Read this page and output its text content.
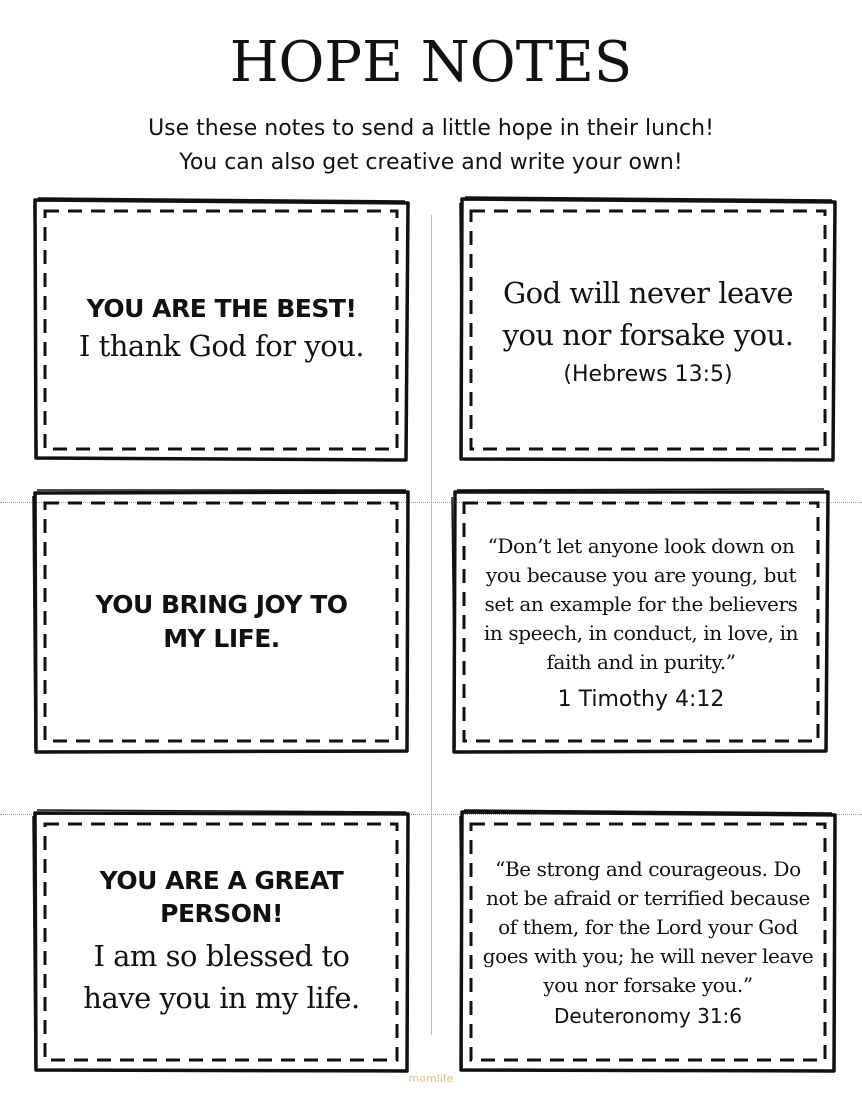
HOPE NOTES
Use these notes to send a little hope in their lunch!
You can also get creative and write your own!
YOU ARE THE BEST!
I thank God for you.
God will never leave
you nor forsake you.
(Hebrews 13:5)
YOU BRING JOY TO
MY LIFE.
“Don’t let anyone look down on
you because you are young, but
set an example for the believers
in speech, in conduct, in love, in
faith and in purity.”
1 Timothy 4:12
YOU ARE A GREAT
PERSON!
I am so blessed to
have you in my life.
“Be strong and courageous. Do
not be afraid or terrified because
of them, for the Lord your God
goes with you; he will never leave
you nor forsake you.”
Deuteronomy 31:6
momlife
